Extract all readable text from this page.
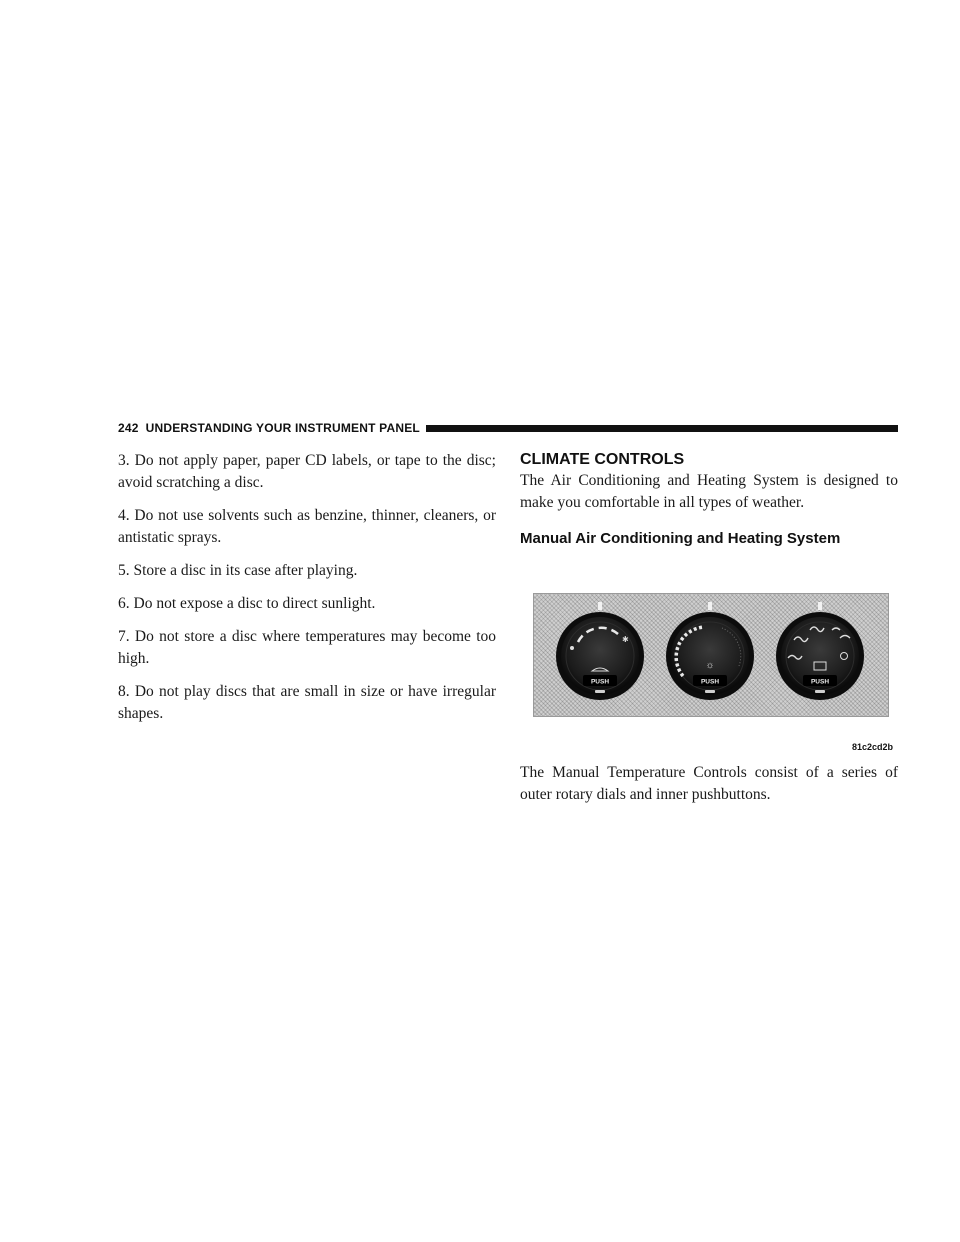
242 UNDERSTANDING YOUR INSTRUMENT PANEL

3. Do not apply paper, paper CD labels, or tape to the disc; avoid scratching a disc.

4. Do not use solvents such as benzine, thinner, cleaners, or antistatic sprays.

5. Store a disc in its case after playing.

6. Do not expose a disc to direct sunlight.

7. Do not store a disc where temperatures may become too high.

8. Do not play discs that are small in size or have irregular shapes.

CLIMATE CONTROLS

The Air Conditioning and Heating System is designed to make you comfortable in all types of weather.

Manual Air Conditioning and Heating System

The Manual Temperature Controls consist of a series of outer rotary dials and inner pushbuttons.

✱
PUSH
☼
PUSH	PUSH
81c2cd2b
